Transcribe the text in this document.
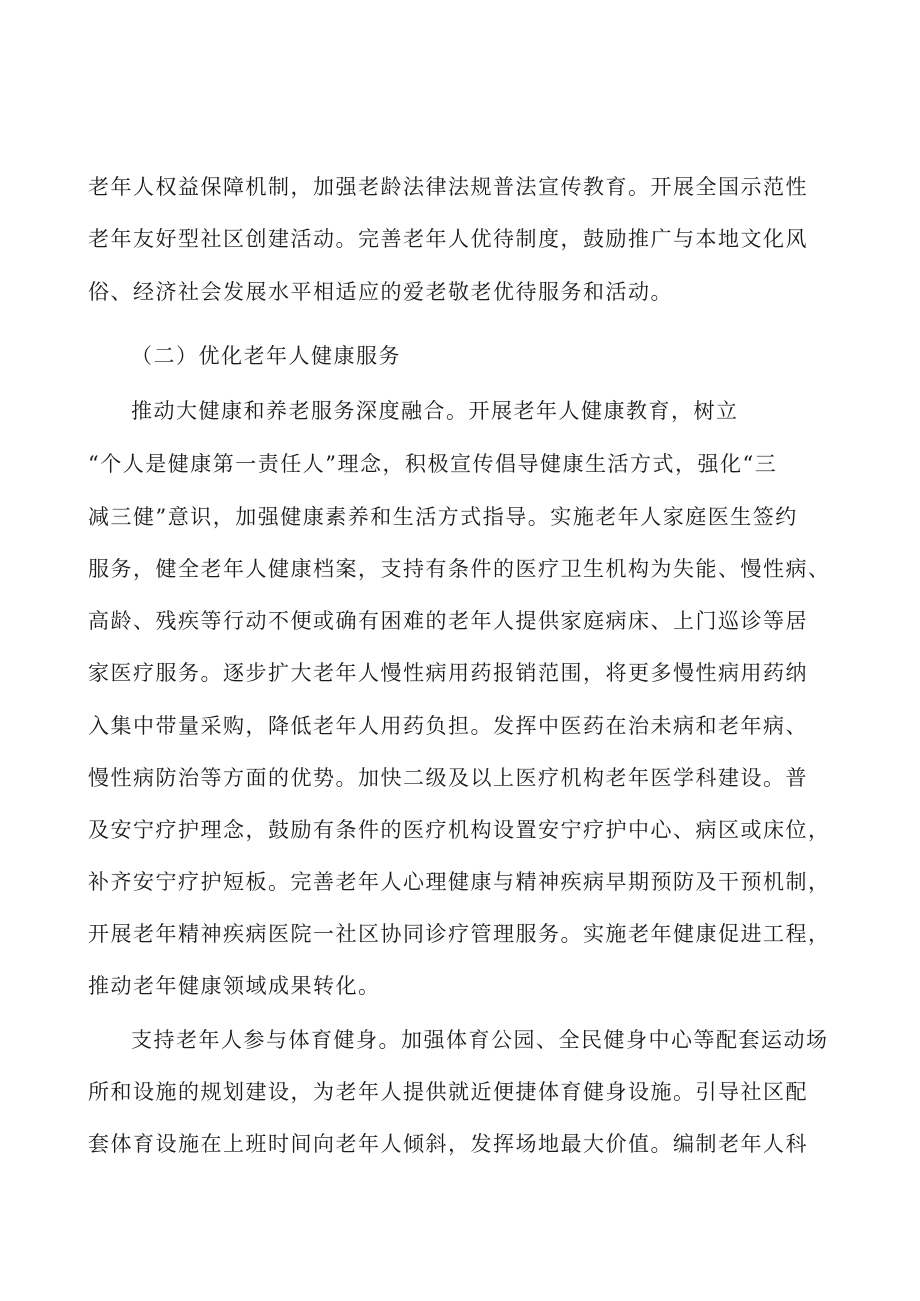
老年人权益保障机制，加强老龄法律法规普法宣传教育。开展全国示范性

老年友好型社区创建活动。完善老年人优待制度，鼓励推广与本地文化风

俗、经济社会发展水平相适应的爱老敬老优待服务和活动。

（二）优化老年人健康服务

推动大健康和养老服务深度融合。开展老年人健康教育，树立

“个人是健康第一责任人”理念，积极宣传倡导健康生活方式，强化“三

减三健”意识，加强健康素养和生活方式指导。实施老年人家庭医生签约

服务，健全老年人健康档案，支持有条件的医疗卫生机构为失能、慢性病、

高龄、残疾等行动不便或确有困难的老年人提供家庭病床、上门巡诊等居

家医疗服务。逐步扩大老年人慢性病用药报销范围，将更多慢性病用药纳

入集中带量采购，降低老年人用药负担。发挥中医药在治未病和老年病、

慢性病防治等方面的优势。加快二级及以上医疗机构老年医学科建设。普

及安宁疗护理念，鼓励有条件的医疗机构设置安宁疗护中心、病区或床位，

补齐安宁疗护短板。完善老年人心理健康与精神疾病早期预防及干预机制，

开展老年精神疾病医院一社区协同诊疗管理服务。实施老年健康促进工程，

推动老年健康领域成果转化。

支持老年人参与体育健身。加强体育公园、全民健身中心等配套运动场

所和设施的规划建设，为老年人提供就近便捷体育健身设施。引导社区配

套体育设施在上班时间向老年人倾斜，发挥场地最大价值。编制老年人科
